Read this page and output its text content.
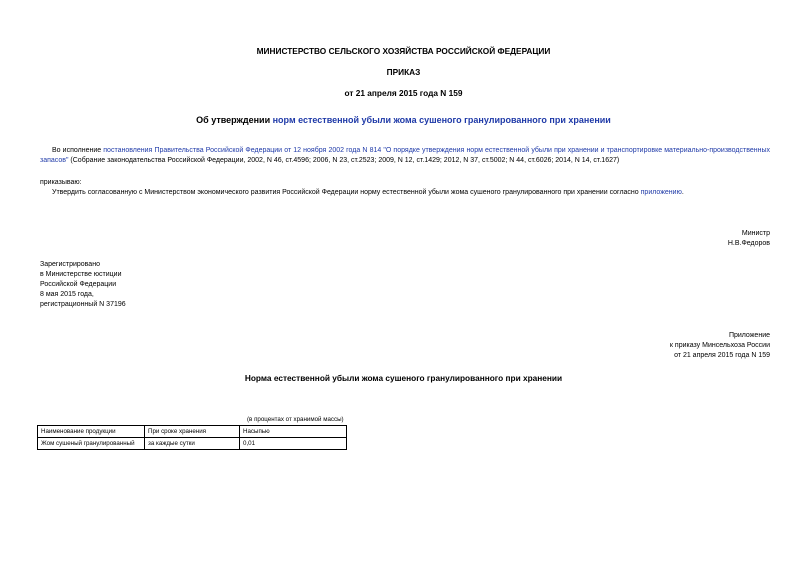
МИНИСТЕРСТВО СЕЛЬСКОГО ХОЗЯЙСТВА РОССИЙСКОЙ ФЕДЕРАЦИИ
ПРИКАЗ
от 21 апреля 2015 года N 159
Об утверждении норм естественной убыли жома сушеного гранулированного при хранении
Во исполнение постановления Правительства Российской Федерации от 12 ноября 2002 года N 814 "О порядке утверждения норм естественной убыли при хранении и транспортировке материально-производственных запасов" (Собрание законодательства Российской Федерации, 2002, N 46, ст.4596; 2006, N 23, ст.2523; 2009, N 12, ст.1429; 2012, N 37, ст.5002; N 44, ст.6026; 2014, N 14, ст.1627)
приказываю:
Утвердить согласованную с Министерством экономического развития Российской Федерации норму естественной убыли жома сушеного гранулированного при хранении согласно приложению.
Министр
Н.В.Федоров
Зарегистрировано
в Министерстве юстиции
Российской Федерации
8 мая 2015 года,
регистрационный N 37196
Приложение
к приказу Минсельхоза России
от 21 апреля 2015 года N 159
Норма естественной убыли жома сушеного гранулированного при хранении
(в процентах от хранимой массы)
Наименование продукции	При сроке хранения	Насыпью
Жом сушеный гранулированный	за каждые сутки	0,01
